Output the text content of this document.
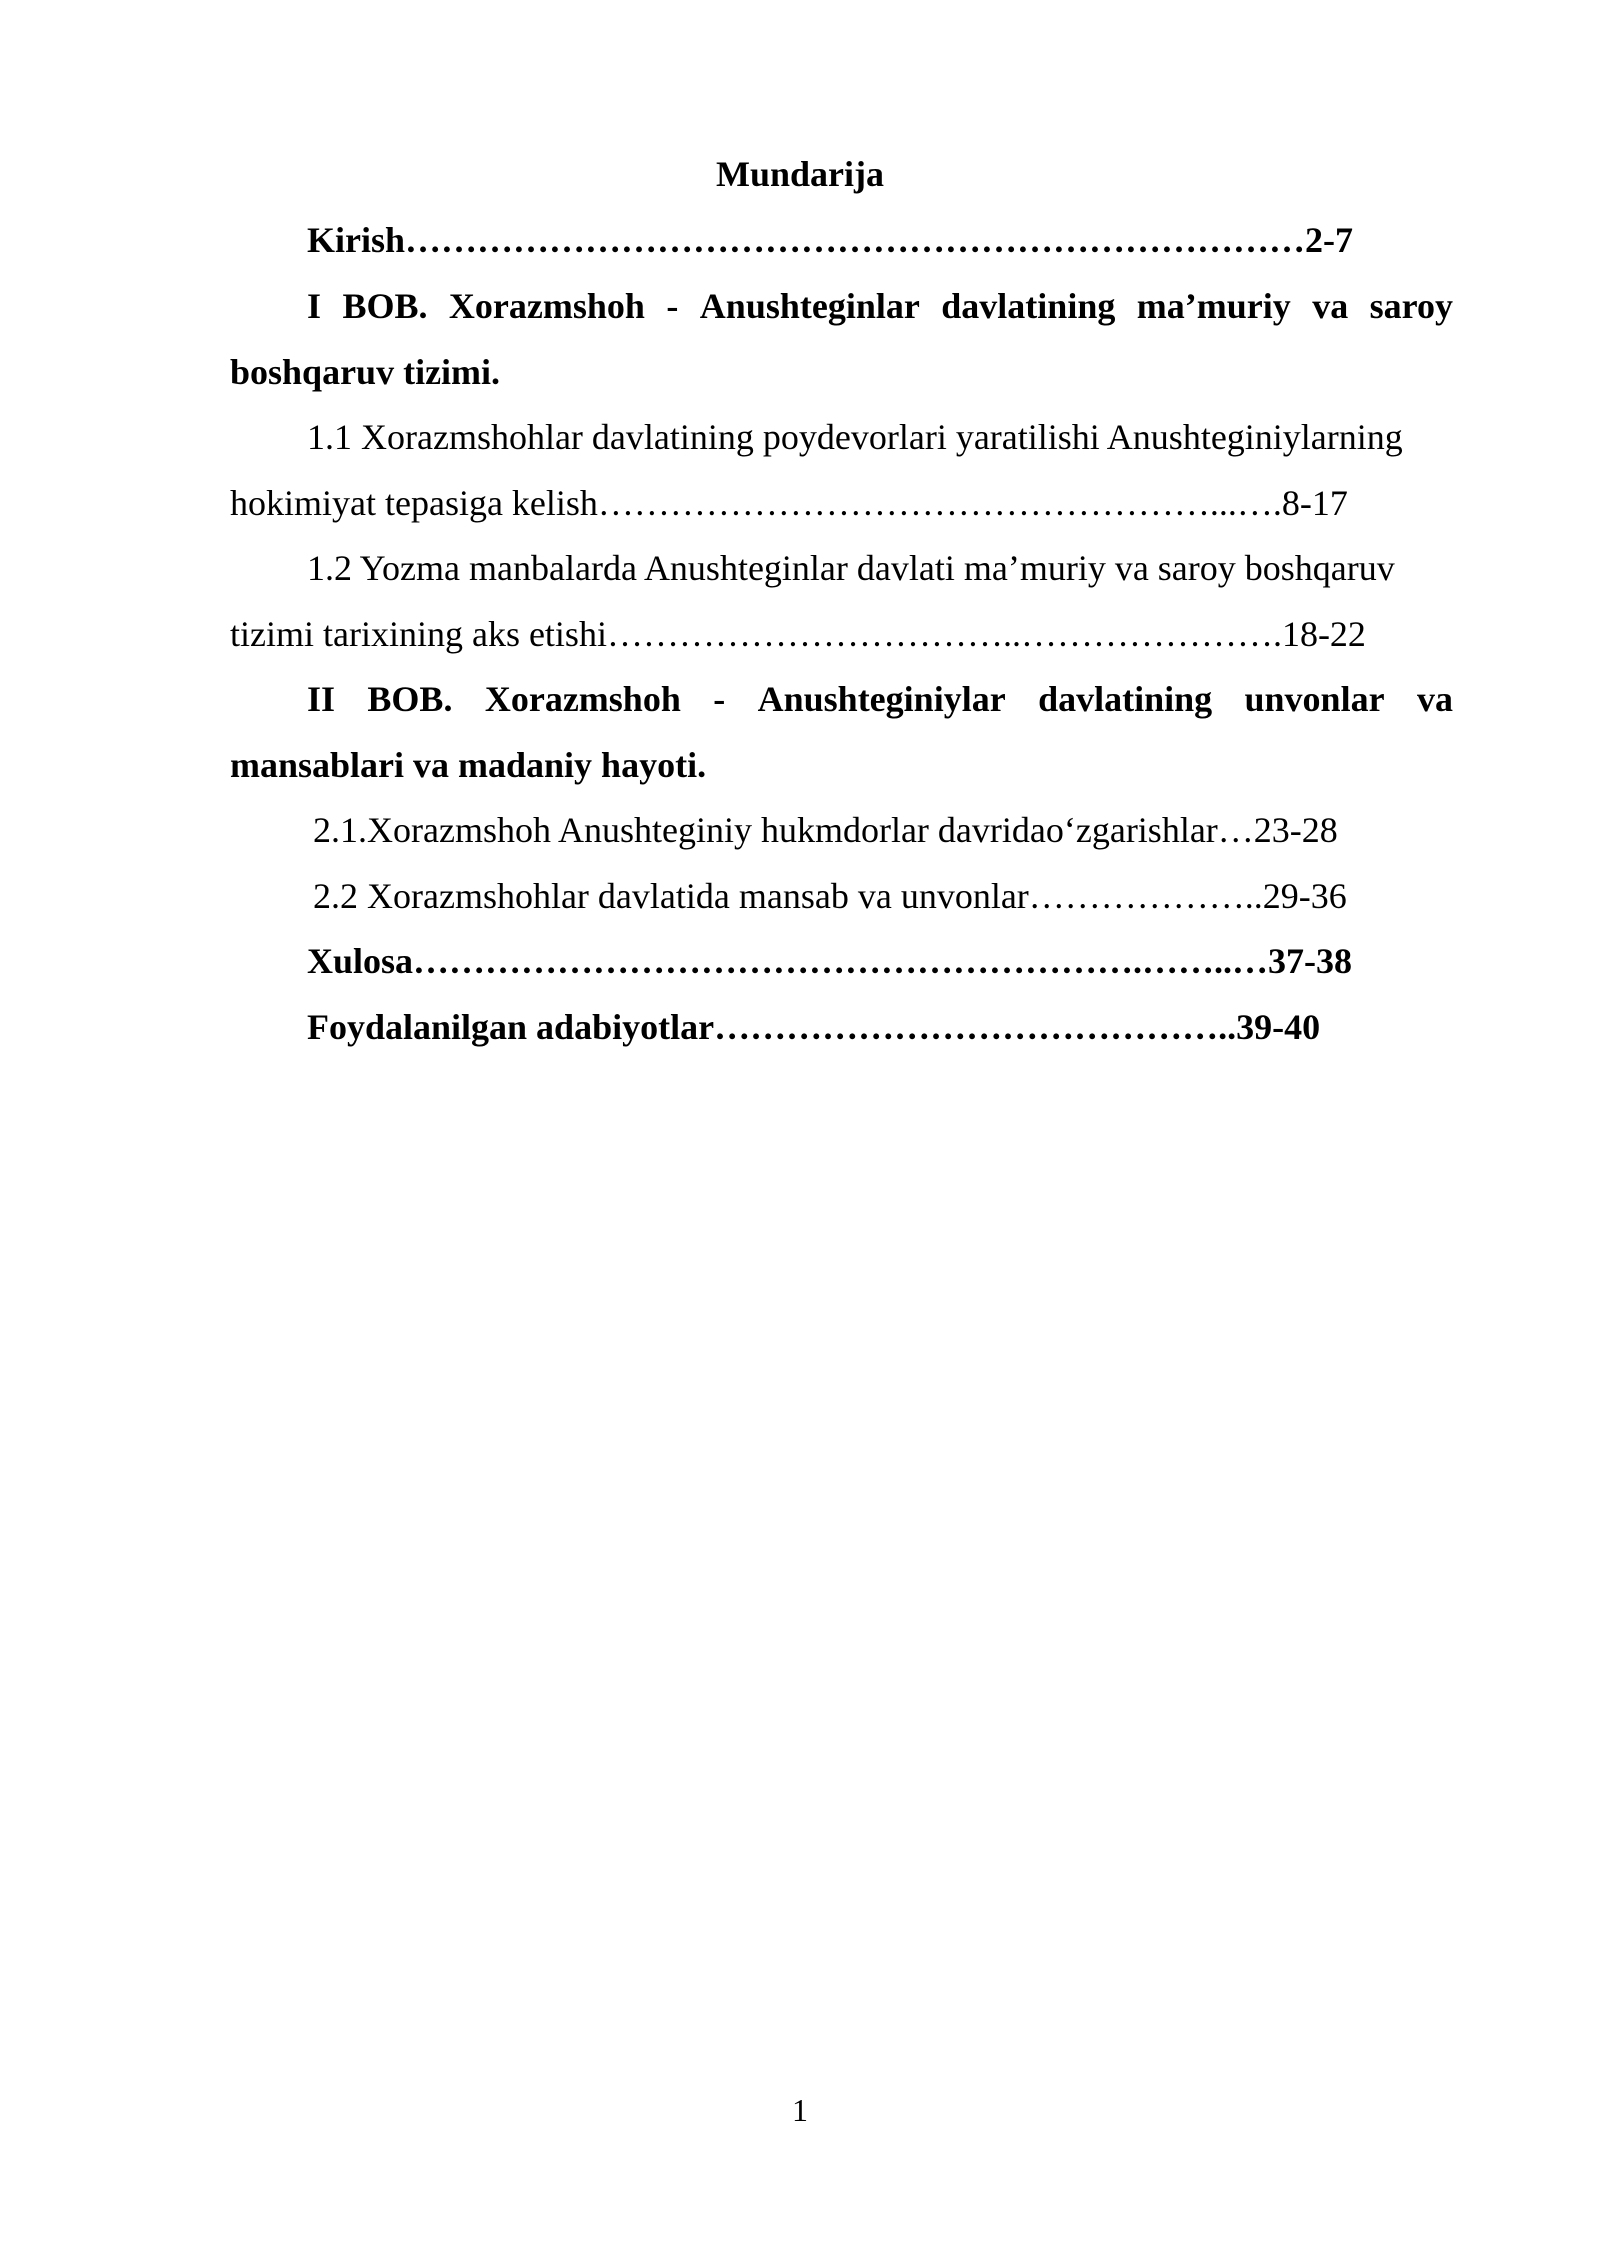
Mundarija
Kirish…………………………………………………………………2-7
I BOB. Xorazmshoh - Anushteginlar davlatining ma’muriy va saroy
boshqaruv tizimi.
1.1 Xorazmshohlar davlatining poydevorlari yaratilishi Anushteginiylarning
hokimiyat tepasiga kelish……………………………………………...….8-17
1.2 Yozma manbalarda Anushteginlar davlati ma’muriy va saroy boshqaruv
tizimi tarixining aks etishi……………………………..………………….18-22
II BOB. Xorazmshoh - Anushteginiylar davlatining unvonlar va
mansablari va madaniy hayoti.
2.1.Xorazmshoh Anushteginiy hukmdorlar davridao‘zgarishlar…23-28
2.2 Xorazmshohlar davlatida mansab va unvonlar………………..29-36
Xulosa…………………………………………………….……..…37-38
Foydalanilgan adabiyotlar……………………………………..39-40
1
